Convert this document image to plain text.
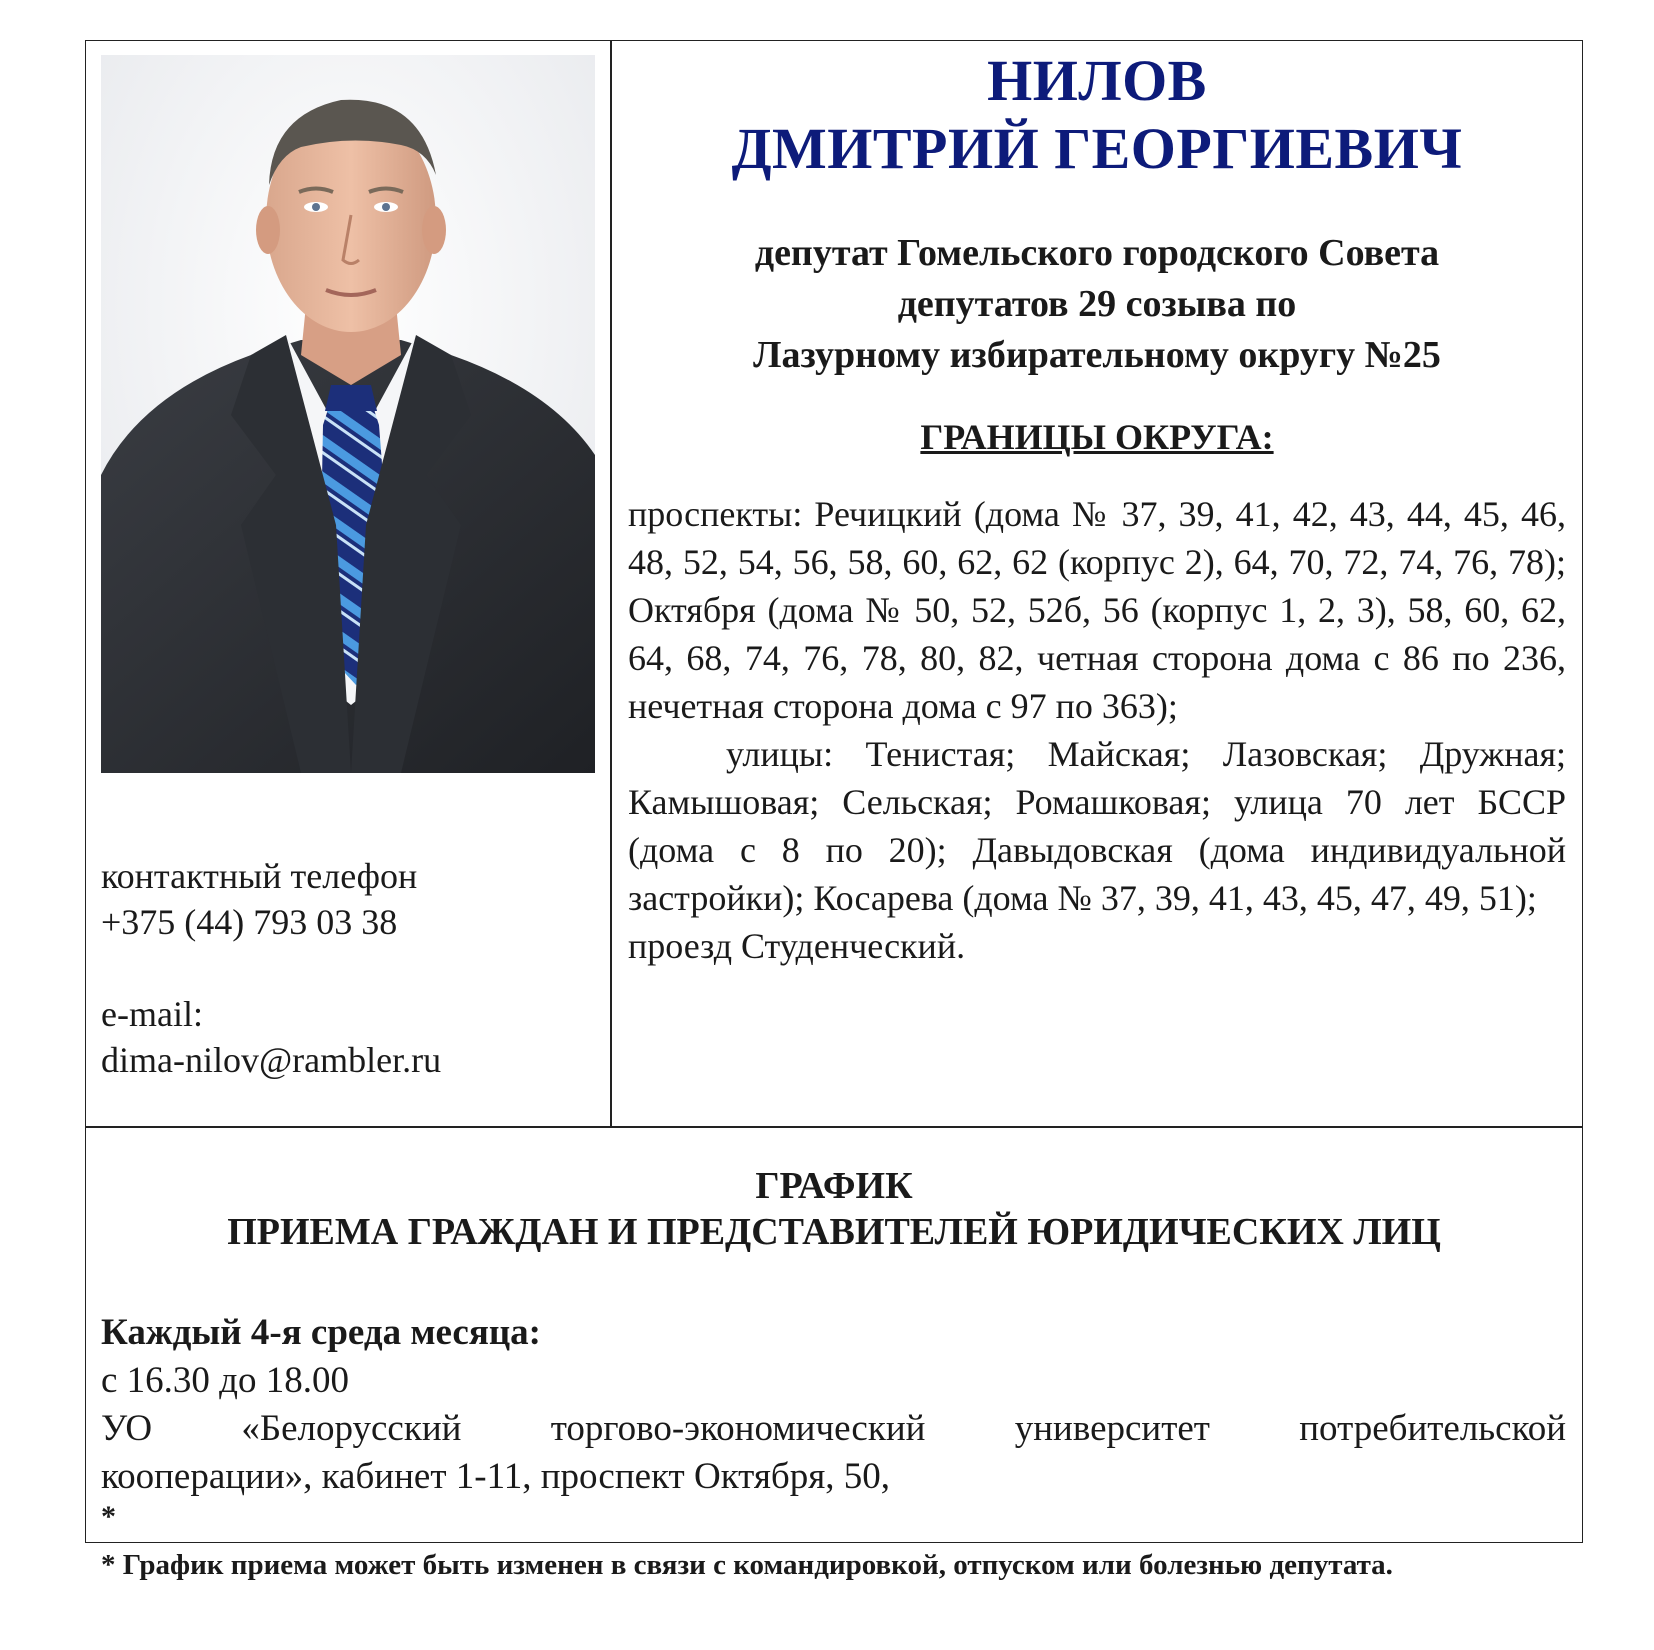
контактный телефон
+375 (44) 793 03 38
e-mail:
dima-nilov@rambler.ru
НИЛОВ
ДМИТРИЙ ГЕОРГИЕВИЧ
депутат Гомельского городского Совета
депутатов 29 созыва по
Лазурному избирательному округу №25
ГРАНИЦЫ ОКРУГА:

проспекты: Речицкий (дома № 37, 39, 41, 42, 43, 44, 45, 46, 48, 52, 54, 56, 58, 60, 62, 62 (корпус 2), 64, 70, 72, 74, 76, 78); Октября (дома № 50, 52, 52б, 56 (корпус 1, 2, 3), 58, 60, 62, 64, 68, 74, 76, 78, 80, 82, четная сторона дома с 86 по 236, нечетная сторона дома с 97 по 363);

улицы: Тенистая; Майская; Лазовская; Дружная; Камышовая; Сельская; Ромашковая; улица 70 лет БССР (дома с 8 по 20); Давыдовская (дома индивидуальной застройки); Косарева (дома № 37, 39, 41, 43, 45, 47, 49, 51);

проезд Студенческий.

ГРАФИК
ПРИЕМА ГРАЖДАН И ПРЕДСТАВИТЕЛЕЙ ЮРИДИЧЕСКИХ ЛИЦ
Каждый 4-я среда месяца:
с 16.30 до 18.00
УО «Белорусский торгово-экономический университет потребительской
кооперации», кабинет 1-11, проспект Октября, 50,
*
* График приема может быть изменен в связи с командировкой, отпуском или болезнью депутата.
